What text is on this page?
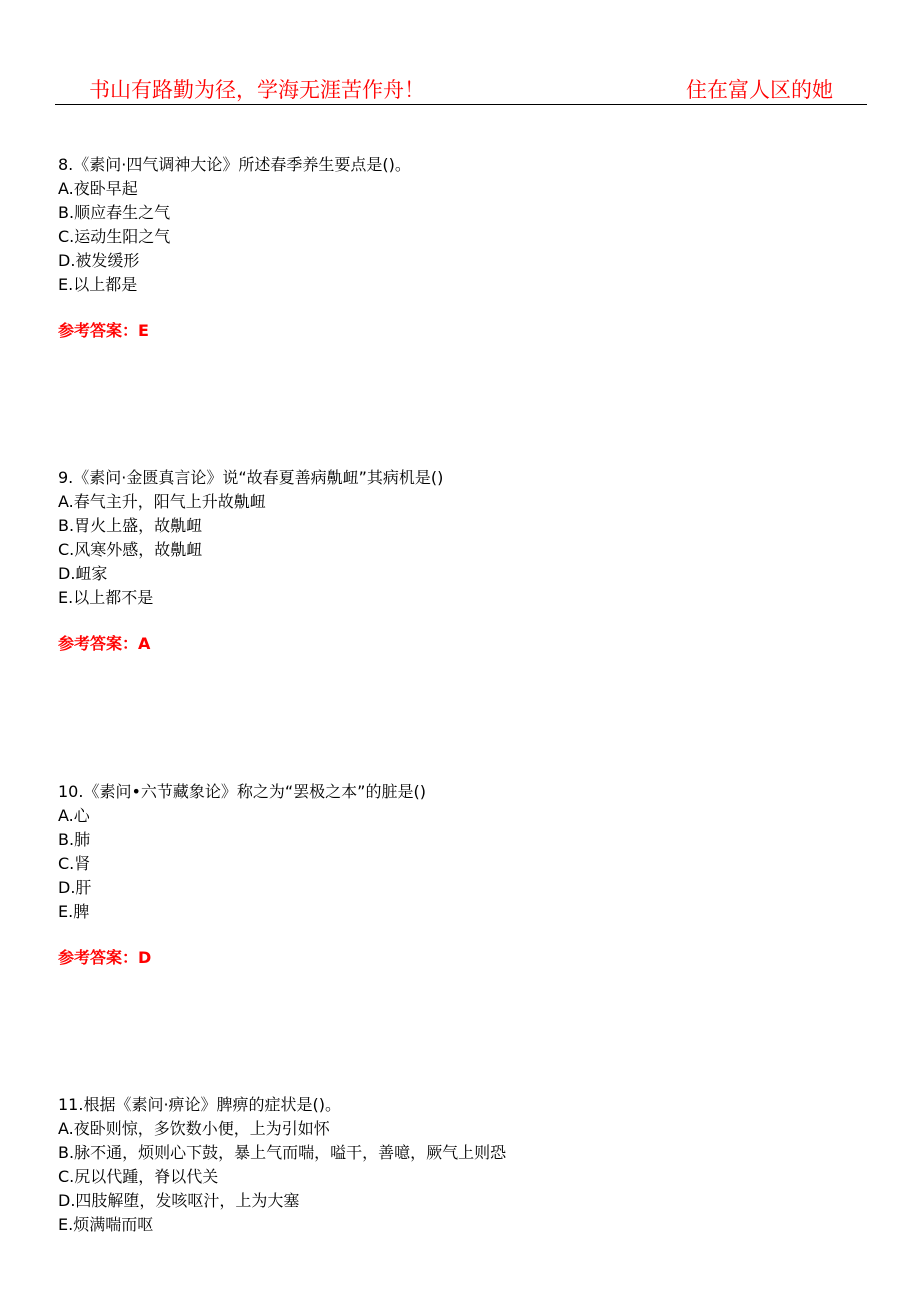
书山有路勤为径，学海无涯苦作舟！	住在富人区的她
8.《素问·四气调神大论》所述春季养生要点是()。
A.夜卧早起
B.顺应春生之气
C.运动生阳之气
D.被发缓形
E.以上都是
参考答案：E
9.《素问·金匮真言论》说“故春夏善病鼽衄”其病机是()
A.春气主升，阳气上升故鼽衄
B.胃火上盛，故鼽衄
C.风寒外感，故鼽衄
D.衄家
E.以上都不是
参考答案：A
10.《素问•六节藏象论》称之为“罢极之本”的脏是()
A.心
B.肺
C.肾
D.肝
E.脾
参考答案：D
11.根据《素问·痹论》脾痹的症状是()。
A.夜卧则惊，多饮数小便，上为引如怀
B.脉不通，烦则心下鼓，暴上气而喘，嗌干，善噫，厥气上则恐
C.尻以代踵，脊以代关
D.四肢解堕，发咳呕汁，上为大塞
E.烦满喘而呕
